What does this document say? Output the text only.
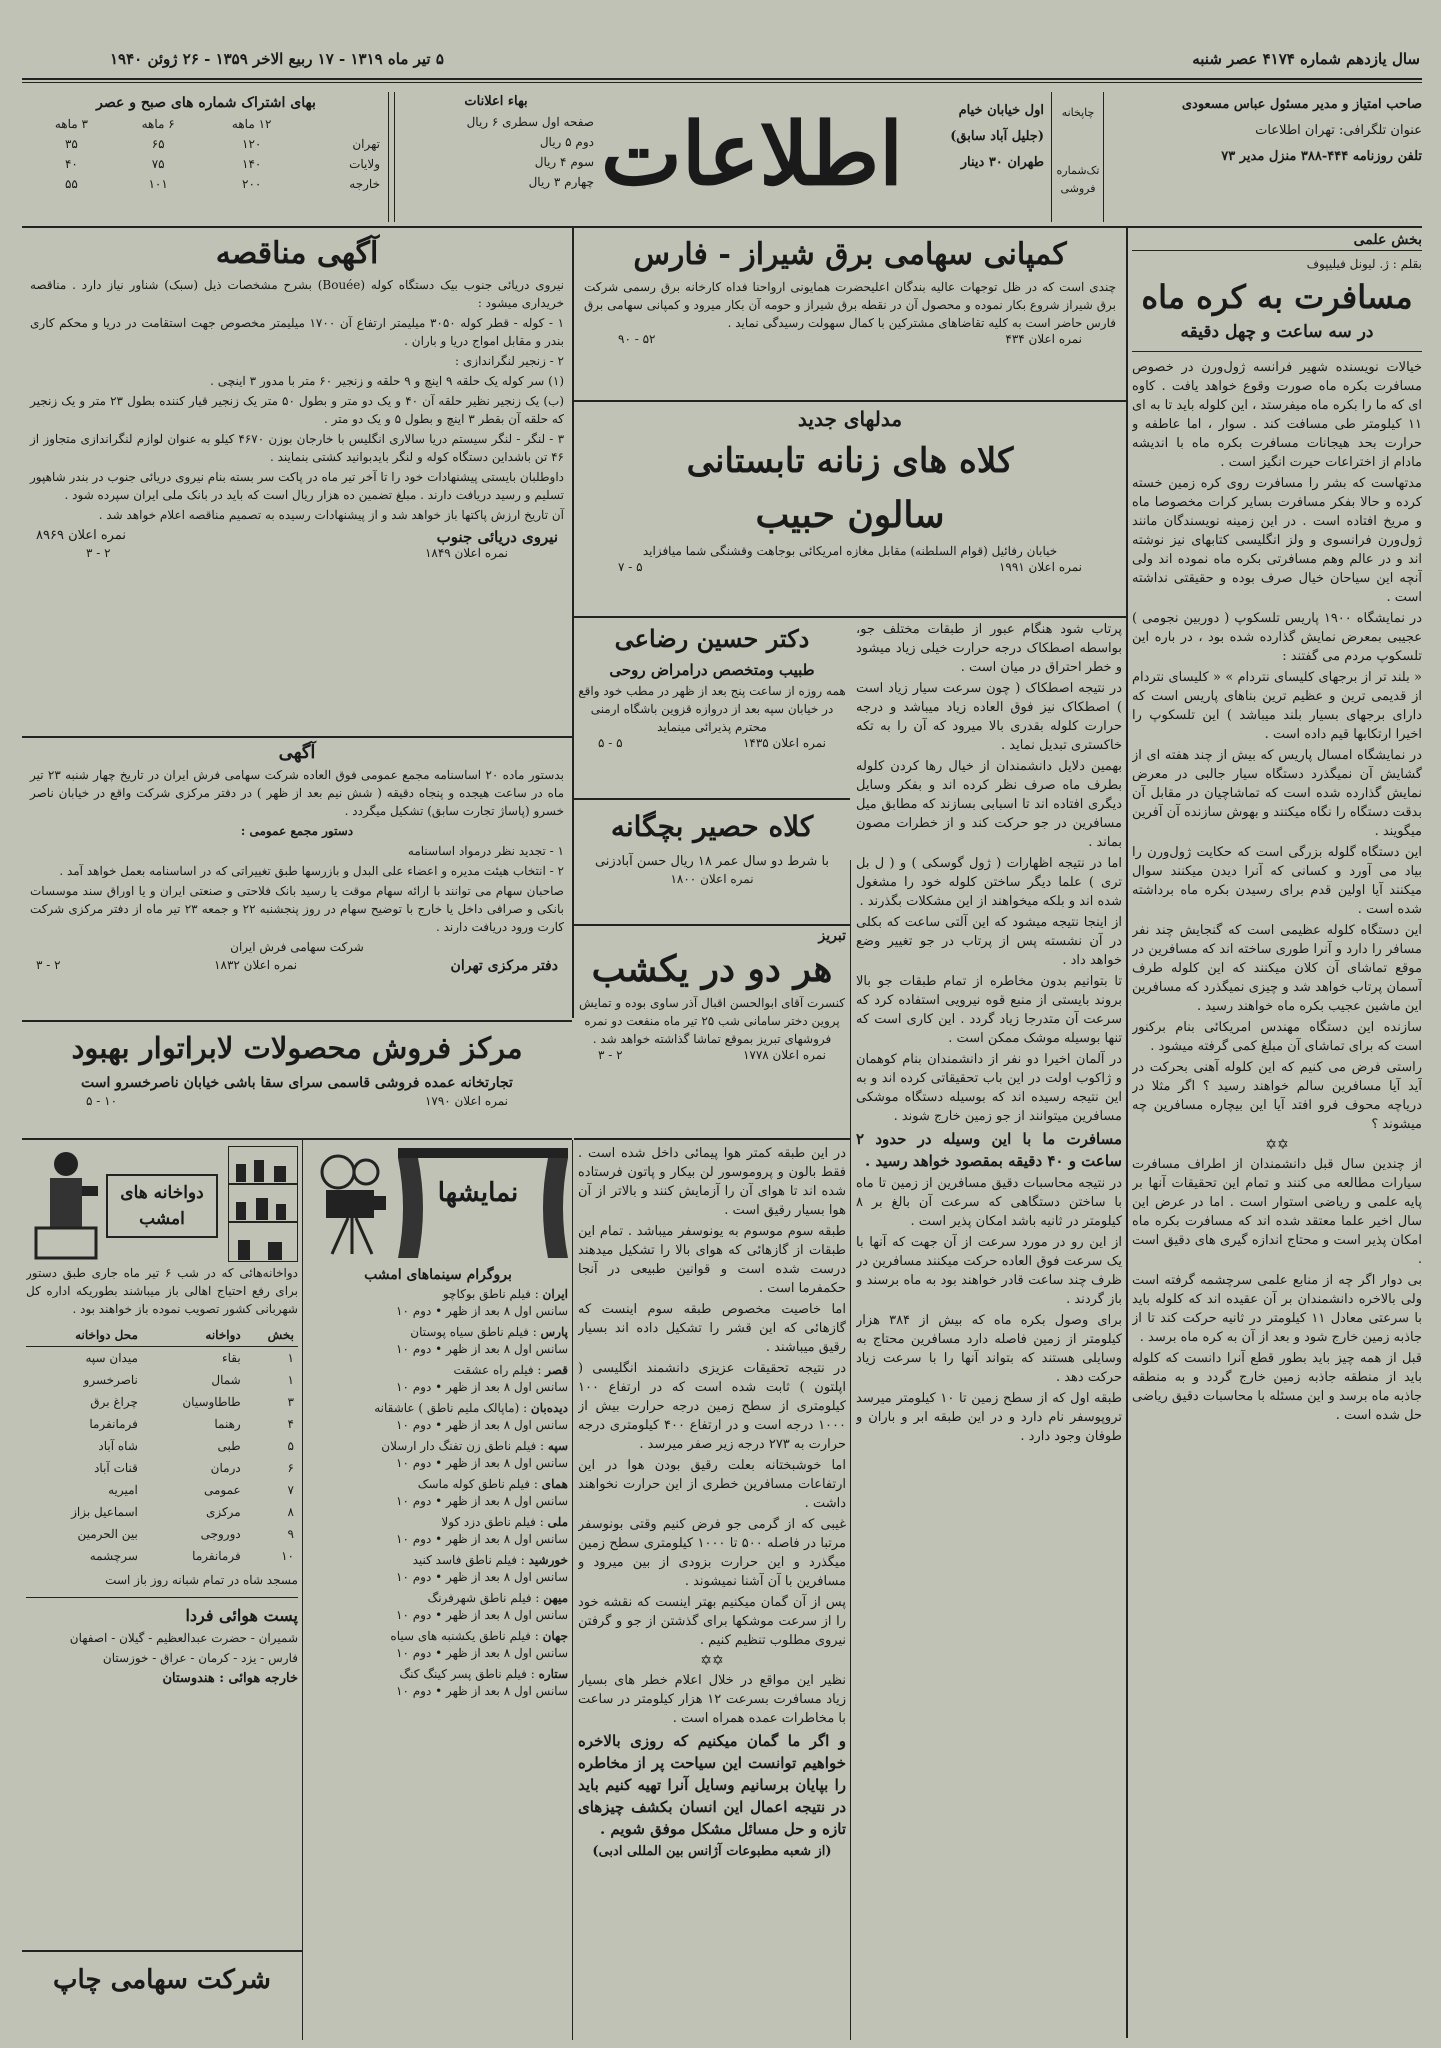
سال یازدهم شماره ۴۱۷۴ عصر شنبه
۵ تیر ماه ۱۳۱۹ - ۱۷ ربیع الاخر ۱۳۵۹ - ۲۶ ژوئن ۱۹۴۰
صاحب امتیاز و مدیر مسئول عباس مسعودی
عنوان تلگرافی: تهران اطلاعات
تلفن روزنامه ۴۴۴-۳۸۸ منزل مدیر ۷۳
چاپخانه
تک‌شماره فروشی
اول خیابان خیام
(جلیل آباد سابق)
طهران ۳۰ دینار
اطلاعات
بهاء اعلانات
صفحه اول سطری ۶ ریال
دوم ۵ ریال
سوم ۴ ریال
چهارم ۳ ریال
بهای اشتراک شماره های صبح و عصر
	۱۲ ماهه	۶ ماهه	۳ ماهه
تهران	۱۲۰	۶۵	۳۵
ولایات	۱۴۰	۷۵	۴۰
خارجه	۲۰۰	۱۰۱	۵۵
بخش علمی
بقلم : ژ. لیونل فیلیپوف
مسافرت به کره ماه
در سه ساعت و چهل دقیقه

خیالات نویسنده شهیر فرانسه ژول‌ورن در خصوص مسافرت بکره ماه صورت وقوع خواهد یافت . کاوه ای که ما را بکره ماه میفرستد ، این کلوله باید تا به ای ۱۱ کیلومتر طی مسافت کند . سوار ، اما عاطفه و حرارت بحد هیجانات مسافرت بکره ماه با اندیشه مادام از اختراعات حیرت انگیز است .

مدتهاست که بشر را مسافرت روی کره زمین خسته کرده و حالا بفکر مسافرت بسایر کرات مخصوصا ماه و مریخ افتاده است . در این زمینه نویسندگان مانند ژول‌ورن فرانسوی و ولز انگلیسی کتابهای نیز نوشته اند و در عالم وهم مسافرتی بکره ماه نموده اند ولی آنچه این سیاحان خیال صرف بوده و حقیقتی نداشته است .

در نمایشگاه ۱۹۰۰ پاریس تلسکوپ ( دوربین نجومی ) عجیبی بمعرض نمایش گذارده شده بود ، در باره این تلسکوپ مردم می گفتند :

« بلند تر از برجهای کلیسای نتردام » « کلیسای نتردام از قدیمی ترین و عظیم ترین بناهای پاریس است که دارای برجهای بسیار بلند میباشد ) این تلسکوپ را اخیرا ارتکابها قیم داده است .

در نمایشگاه امسال پاریس که بیش از چند هفته ای از گشایش آن نمیگذرد دستگاه سیار جالبی در معرض نمایش گذارده شده است که تماشاچیان در مقابل آن بدقت دستگاه را نگاه میکنند و بهوش سازنده آن آفرین میگویند .

این دستگاه گلوله بزرگی است که حکایت ژول‌ورن را بیاد می آورد و کسانی که آنرا دیدن میکنند سوال میکنند آیا اولین قدم برای رسیدن بکره ماه برداشته شده است .

این دستگاه کلوله عظیمی است که گنجایش چند نفر مسافر را دارد و آنرا طوری ساخته اند که مسافرین در موقع تماشای آن کلان میکنند که این کلوله طرف آسمان پرتاب خواهد شد و چیزی نمیگذرد که مسافرین این ماشین عجیب بکره ماه خواهند رسید .

سازنده این دستگاه مهندس امریکائی بنام برکنور است که برای تماشای آن مبلغ کمی گرفته میشود .

راستی فرض می کنیم که این کلوله آهنی بحرکت در آید آیا مسافرین سالم خواهند رسید ؟ اگر مثلا در دریاچه محوف فرو افتد آیا این بیچاره مسافرین چه میشوند ؟

✡✡

از چندین سال قبل دانشمندان از اطراف مسافرت سیارات مطالعه می کنند و تمام این تحقیقات آنها بر پایه علمی و ریاضی استوار است . اما در عرض این سال اخیر علما معتقد شده اند که مسافرت بکره ماه امکان پذیر است و محتاج اندازه گیری های دقیق است .

بی دوار اگر چه از منابع علمی سرچشمه گرفته است ولی بالاخره دانشمندان بر آن عقیده اند که کلوله باید با سرعتی معادل ۱۱ کیلومتر در ثانیه حرکت کند تا از جاذبه زمین خارج شود و بعد از آن به کره ماه برسد .

قبل از همه چیز باید بطور قطع آنرا دانست که کلوله باید از منطقه جاذبه زمین خارج گردد و به منطقه جاذبه ماه برسد و این مسئله با محاسبات دقیق ریاضی حل شده است .

کمپانی سهامی برق شیراز - فارس
چندی است که در ظل توجهات عالیه بندگان اعلیحضرت همایونی ارواحنا فداه کارخانه برق رسمی شرکت برق شیراز شروع بکار نموده و محصول آن در نقطه برق شیراز و حومه آن بکار میرود و کمپانی سهامی برق فارس حاضر است به کلیه تقاضاهای مشترکین با کمال سهولت رسیدگی نماید .
نمره اعلان ۴۳۴
۵۲ - ۹۰
مدلهای جدید
کلاه های زنانه تابستانی
سالون حبیب
خیابان رفائیل (قوام السلطنه) مقابل مغازه امریکائی بوجاهت وقشنگی شما میافزاید
نمره اعلان ۱۹۹۱
۵ - ۷

پرتاب شود هنگام عبور از طبقات مختلف جو، بواسطه اصطکاک درجه حرارت خیلی زیاد میشود و خطر احتراق در میان است .

در نتیجه اصطکاک ( چون سرعت سیار زیاد است ) اصطکاک نیز فوق العاده زیاد میباشد و درجه حرارت کلوله بقدری بالا میرود که آن را به تکه خاکستری تبدیل نماید .

بهمین دلایل دانشمندان از خیال رها کردن کلوله بطرف ماه صرف نظر کرده اند و بفکر وسایل دیگری افتاده اند تا اسبابی بسازند که مطابق میل مسافرین در جو حرکت کند و از خطرات مصون بماند .

اما در نتیجه اظهارات ( ژول گوسکی ) و ( ل بل تری ) علما دیگر ساختن کلوله خود را مشغول شده اند و بلکه میخواهند از این مشکلات بگذرند .

از اینجا نتیجه میشود که این آلتی ساعت که بکلی در آن نشسته پس از پرتاب در جو تغییر وضع خواهد داد .

تا بتوانیم بدون مخاطره از تمام طبقات جو بالا بروند بایستی از منبع قوه نیرویی استفاده کرد که سرعت آن متدرجا زیاد گردد . این کاری است که تنها بوسیله موشک ممکن است .

در آلمان اخیرا دو نفر از دانشمندان بنام کوهمان و ژاکوب اولت در این باب تحقیقاتی کرده اند و به این نتیجه رسیده اند که بوسیله دستگاه موشکی مسافرین میتوانند از جو زمین خارج شوند .

مسافرت ما با این وسیله در حدود ۲ ساعت و ۴۰ دقیقه بمقصود خواهد رسید .

در نتیجه محاسبات دقیق مسافرین از زمین تا ماه با ساختن دستگاهی که سرعت آن بالغ بر ۸ کیلومتر در ثانیه باشد امکان پذیر است .

از این رو در مورد سرعت از آن جهت که آنها با یک سرعت فوق العاده حرکت میکنند مسافرین در ظرف چند ساعت قادر خواهند بود به ماه برسند و باز گردند .

برای وصول بکره ماه که بیش از ۳۸۴ هزار کیلومتر از زمین فاصله دارد مسافرین محتاج به وسایلی هستند که بتواند آنها را با سرعت زیاد حرکت دهد .

طبقه اول که از سطح زمین تا ۱۰ کیلومتر میرسد تروپوسفر نام دارد و در این طبقه ابر و باران و طوفان وجود دارد .

دکتر حسین رضاعی
طبیب ومتخصص درامراض روحی
همه روزه از ساعت پنج بعد از ظهر در مطب خود واقع در خیابان سپه بعد از دروازه قزوین باشگاه ارمنی محترم پذیرائی مینماید
نمره اعلان ۱۴۳۵
۵ - ۵
کلاه حصیر بچگانه
با شرط دو سال عمر ۱۸ ریال حسن آبادزنی
نمره اعلان ۱۸۰۰
تبریز
هر دو در یکشب
کنسرت آقای ابوالحسن اقبال آذر ساوی بوده و تمایش پروین دختر سامانی شب ۲۵ تیر ماه منفعت دو نمره فروشهای تبریز بموقع تماشا گذاشته خواهد شد .
نمره اعلان ۱۷۷۸
۲ - ۳

در این طبقه کمتر هوا پیمائی داخل شده است . فقط بالون و پروموسور لن بیکار و پاتون فرستاده شده اند تا هوای آن را آزمایش کنند و بالاتر از آن هوا بسیار رقیق است .

طبقه سوم موسوم به یونوسفر میباشد . تمام این طبقات از گازهائی که هوای بالا را تشکیل میدهند درست شده است و قوانین طبیعی در آنجا حکمفرما است .

اما خاصیت مخصوص طبقه سوم اینست که گازهائی که این قشر را تشکیل داده اند بسیار رقیق میباشند .

در نتیجه تحقیقات عزیزی دانشمند انگلیسی ( اپلتون ) ثابت شده است که در ارتفاع ۱۰۰ کیلومتری از سطح زمین درجه حرارت بیش از ۱۰۰۰ درجه است و در ارتفاع ۴۰۰ کیلومتری درجه حرارت به ۲۷۳ درجه زیر صفر میرسد .

اما خوشبختانه بعلت رقیق بودن هوا در این ارتفاعات مسافرین خطری از این حرارت نخواهند داشت .

غیبی که از گرمی جو فرض کنیم وقتی بونوسفر مرتبا در فاصله ۵۰۰ تا ۱۰۰۰ کیلومتری سطح زمین میگذرد و این حرارت بزودی از بین میرود و مسافرین با آن آشنا نمیشوند .

پس از آن گمان میکنیم بهتر اینست که نقشه خود را از سرعت موشکها برای گذشتن از جو و گرفتن نیروی مطلوب تنظیم کنیم .

✡✡

نظیر این مواقع در خلال اعلام خطر های بسیار زیاد مسافرت بسرعت ۱۲ هزار کیلومتر در ساعت با مخاطرات عمده همراه است .

و اگر ما گمان میکنیم که روزی بالاخره خواهیم توانست این سیاحت پر از مخاطره را بپایان برسانیم وسایل آنرا تهیه کنیم باید در نتیجه اعمال این انسان بکشف چیزهای تازه و حل مسائل مشکل موفق شویم .

(از شعبه مطبوعات آژانس بین المللی ادبی)

آگهی مناقصه

نیروی دریائی جنوب بیک دستگاه کوله (Bouée) بشرح مشخصات ذیل (سبک) شناور نیاز دارد . مناقصه خریداری میشود :

۱ - کوله - قطر کوله ۳۰۵۰ میلیمتر ارتفاع آن ۱۷۰۰ میلیمتر مخصوص جهت استقامت در دریا و محکم کاری بندر و مقابل امواج دریا و باران .

۲ - زنجیر لنگراندازی :

(۱) سر کوله یک حلقه ۹ اینچ و ۹ حلقه و زنجیر ۶۰ متر با مدور ۳ اینچی .

(ب) یک زنجیر نظیر حلقه آن ۴۰ و یک دو متر و بطول ۵۰ متر یک زنجیر قیار کننده بطول ۲۳ متر و یک زنجیر که حلقه آن بقطر ۳ اینچ و بطول ۵ و یک دو متر .

۳ - لنگر - لنگر سیستم دریا سالاری انگلیس با خارجان بوزن ۴۶۷۰ کیلو به عنوان لوازم لنگراندازی متجاوز از ۴۶ تن باشداین دستگاه کوله و لنگر بایدبوانید کشتی بنمایند .

داوطلبان بایستی پیشنهادات خود را تا آخر تیر ماه در پاکت سر بسته بنام نیروی دریائی جنوب در بندر شاهپور تسلیم و رسید دریافت دارند . مبلغ تضمین ده هزار ریال است که باید در بانک ملی ایران سپرده شود .

آن تاریخ ارزش پاکتها باز خواهد شد و از پیشنهادات رسیده به تصمیم مناقصه اعلام خواهد شد .

نیروی دریائی جنوب
نمره اعلان ۸۹۶۹
نمره اعلان ۱۸۴۹
۲ - ۳
آگهی

بدستور ماده ۲۰ اساسنامه مجمع عمومی فوق العاده شرکت سهامی فرش ایران در تاریخ چهار شنبه ۲۳ تیر ماه در ساعت هیجده و پنجاه دقیقه ( شش نیم بعد از ظهر ) در دفتر مرکزی شرکت واقع در خیابان ناصر خسرو (پاساژ تجارت سابق) تشکیل میگردد .

دستور مجمع عمومی :

۱ - تجدید نظر درمواد اساسنامه

۲ - انتخاب هیئت مدیره و اعضاء علی البدل و بازرسها طبق تغییراتی که در اساسنامه بعمل خواهد آمد .

صاحبان سهام می توانند با ارائه سهام موقت یا رسید بانک فلاحتی و صنعتی ایران و یا اوراق سند موسسات بانکی و صرافی داخل یا خارج با توضیح سهام در روز پنجشنبه ۲۲ و جمعه ۲۳ تیر ماه از دفتر مرکزی شرکت کارت ورود دریافت دارند .

شرکت سهامی فرش ایران

دفتر مرکزی تهران
نمره اعلان ۱۸۳۲
۲ - ۳
مرکز فروش محصولات لابراتوار بهبود
تجارتخانه عمده فروشی قاسمی سرای سقا باشی خیابان ناصرخسرو است
نمره اعلان ۱۷۹۰
۱۰ - ۵
نمایشها
بروگرام سینماهای امشب
ایران : فیلم ناطق بوکاچو
سانس اول ۸ بعد از ظهر • دوم ۱۰
پارس : فیلم ناطق سیاه پوستان
سانس اول ۸ بعد از ظهر • دوم ۱۰
قصر : فیلم راه عشقت
سانس اول ۸ بعد از ظهر • دوم ۱۰
دیده‌بان : (ماپالک ملیم ناطق ) عاشقانه
سانس اول ۸ بعد از ظهر • دوم ۱۰
سپه : فیلم ناطق زن تفنگ دار ارسلان
سانس اول ۸ بعد از ظهر • دوم ۱۰
همای : فیلم ناطق کوله ماسک
سانس اول ۸ بعد از ظهر • دوم ۱۰
ملی : فیلم ناطق دزد کولا
سانس اول ۸ بعد از ظهر • دوم ۱۰
خورشید : فیلم ناطق فاسد کنید
سانس اول ۸ بعد از ظهر • دوم ۱۰
میهن : فیلم ناطق شهرفرنگ
سانس اول ۸ بعد از ظهر • دوم ۱۰
جهان : فیلم ناطق یکشنبه های سیاه
سانس اول ۸ بعد از ظهر • دوم ۱۰
ستاره : فیلم ناطق پسر کینگ کنگ
سانس اول ۸ بعد از ظهر • دوم ۱۰
دواخانه های امشب
دواخانه‌هائی که در شب ۶ تیر ماه جاری طبق دستور برای رفع احتیاج اهالی باز میباشند بطوریکه اداره کل شهربانی کشور تصویب نموده باز خواهند بود .
بخش	دواخانه	محل دواخانه
۱	بقاء	میدان سپه
۱	شمال	ناصرخسرو
۳	طاطاوسیان	چراغ برق
۴	رهنما	فرمانفرما
۵	طبی	شاه آباد
۶	درمان	قنات آباد
۷	عمومی	امیریه
۸	مرکزی	اسماعیل بزاز
۹	دوروجی	بین الحرمین
۱۰	فرمانفرما	سرچشمه
مسجد شاه در تمام شبانه روز باز است
پست هوائی فردا
شمیران - حضرت عبدالعظیم - گیلان - اصفهان
فارس - یزد - کرمان - عراق - خوزستان
خارجه هوائی : هندوستان
شرکت سهامی چاپ
